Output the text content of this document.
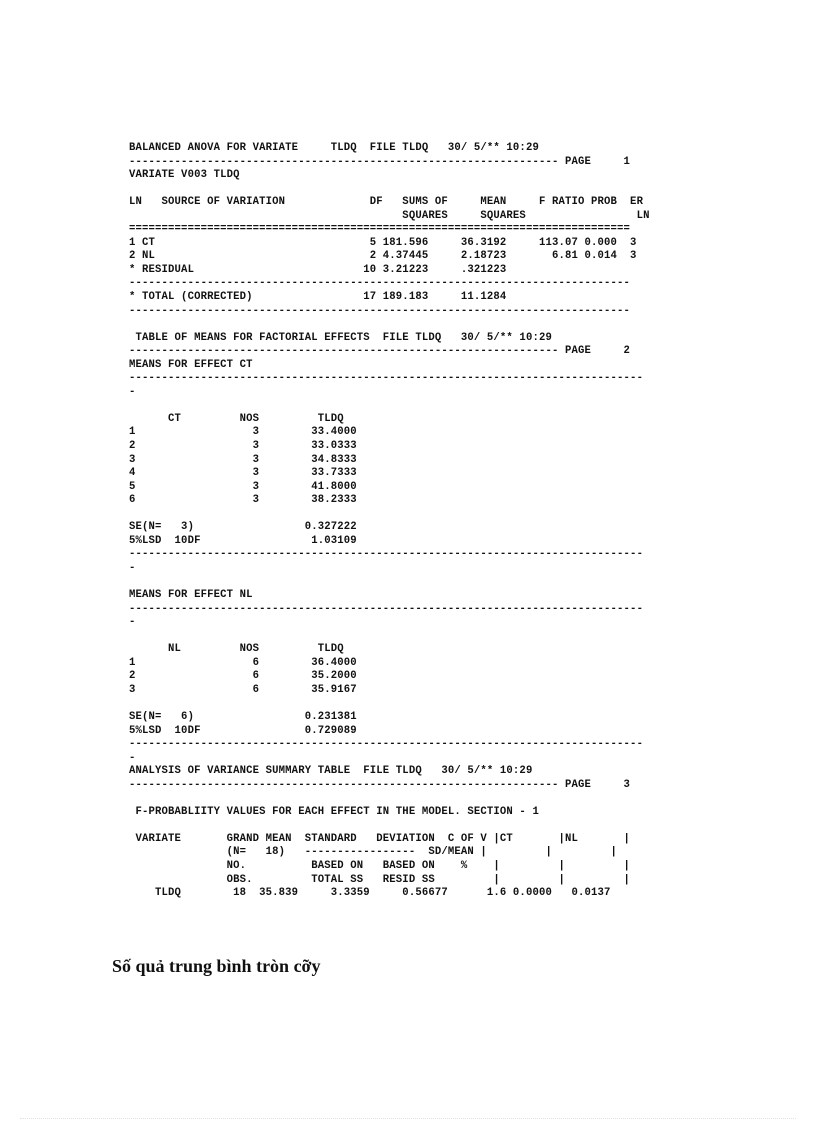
BALANCED ANOVA FOR VARIATE     TLDQ  FILE TLDQ   30/ 5/** 10:29
------------------------------------------------------------------ PAGE     1
VARIATE V003 TLDQ

LN   SOURCE OF VARIATION             DF   SUMS OF     MEAN     F RATIO PROB  ER
SQUARES     SQUARES                 LN
=============================================================================
1 CT                                 5 181.596     36.3192     113.07 0.000  3
2 NL                                 2 4.37445     2.18723       6.81 0.014  3
* RESIDUAL                          10 3.21223     .321223
-----------------------------------------------------------------------------
* TOTAL (CORRECTED)                 17 189.183     11.1284
-----------------------------------------------------------------------------

TABLE OF MEANS FOR FACTORIAL EFFECTS  FILE TLDQ   30/ 5/** 10:29
------------------------------------------------------------------ PAGE     2
MEANS FOR EFFECT CT
-------------------------------------------------------------------------------
-

CT         NOS         TLDQ
1                  3        33.4000
2                  3        33.0333
3                  3        34.8333
4                  3        33.7333
5                  3        41.8000
6                  3        38.2333

SE(N=   3)                 0.327222
5%LSD  10DF                 1.03109
-------------------------------------------------------------------------------
-

MEANS FOR EFFECT NL
-------------------------------------------------------------------------------
-

NL         NOS         TLDQ
1                  6        36.4000
2                  6        35.2000
3                  6        35.9167

SE(N=   6)                 0.231381
5%LSD  10DF                0.729089
-------------------------------------------------------------------------------
-
ANALYSIS OF VARIANCE SUMMARY TABLE  FILE TLDQ   30/ 5/** 10:29
------------------------------------------------------------------ PAGE     3

F-PROBABLIITY VALUES FOR EACH EFFECT IN THE MODEL. SECTION - 1

VARIATE       GRAND MEAN  STANDARD   DEVIATION  C OF V |CT       |NL       |
(N=   18)   -----------------  SD/MEAN |         |         |
NO.          BASED ON   BASED ON    %    |         |         |
OBS.         TOTAL SS   RESID SS         |         |         |
TLDQ        18  35.839     3.3359     0.56677      1.6 0.0000   0.0137
Số quả trung bình tròn cỡy
